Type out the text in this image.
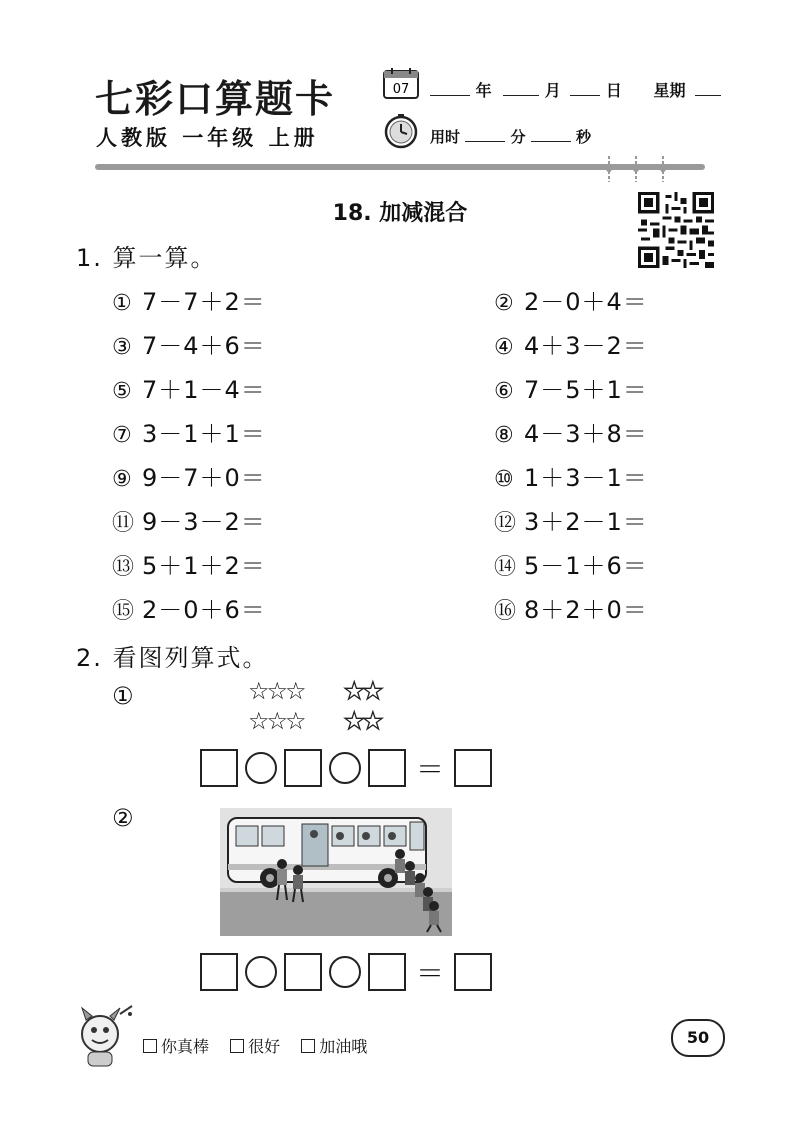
七彩口算题卡
人教版 一年级 上册
07	年	月	日 星期
用时	分	秒
18. 加减混合
1. 算一算。
① 7－7＋2＝	② 2－0＋4＝
③ 7－4＋6＝	④ 4＋3－2＝
⑤ 7＋1－4＝	⑥ 7－5＋1＝
⑦ 3－1＋1＝	⑧ 4－3＋8＝
⑨ 9－7＋0＝	⑩ 1＋3－1＝
⑪ 9－3－2＝	⑫ 3＋2－1＝
⑬ 5＋1＋2＝	⑭ 5－1＋6＝
⑮ 2－0＋6＝	⑯ 8＋2＋0＝
2. 看图列算式。
①	☆☆☆ ★★
☆☆☆ ★★
＝
②
＝
你真棒 很好 加油哦	50
